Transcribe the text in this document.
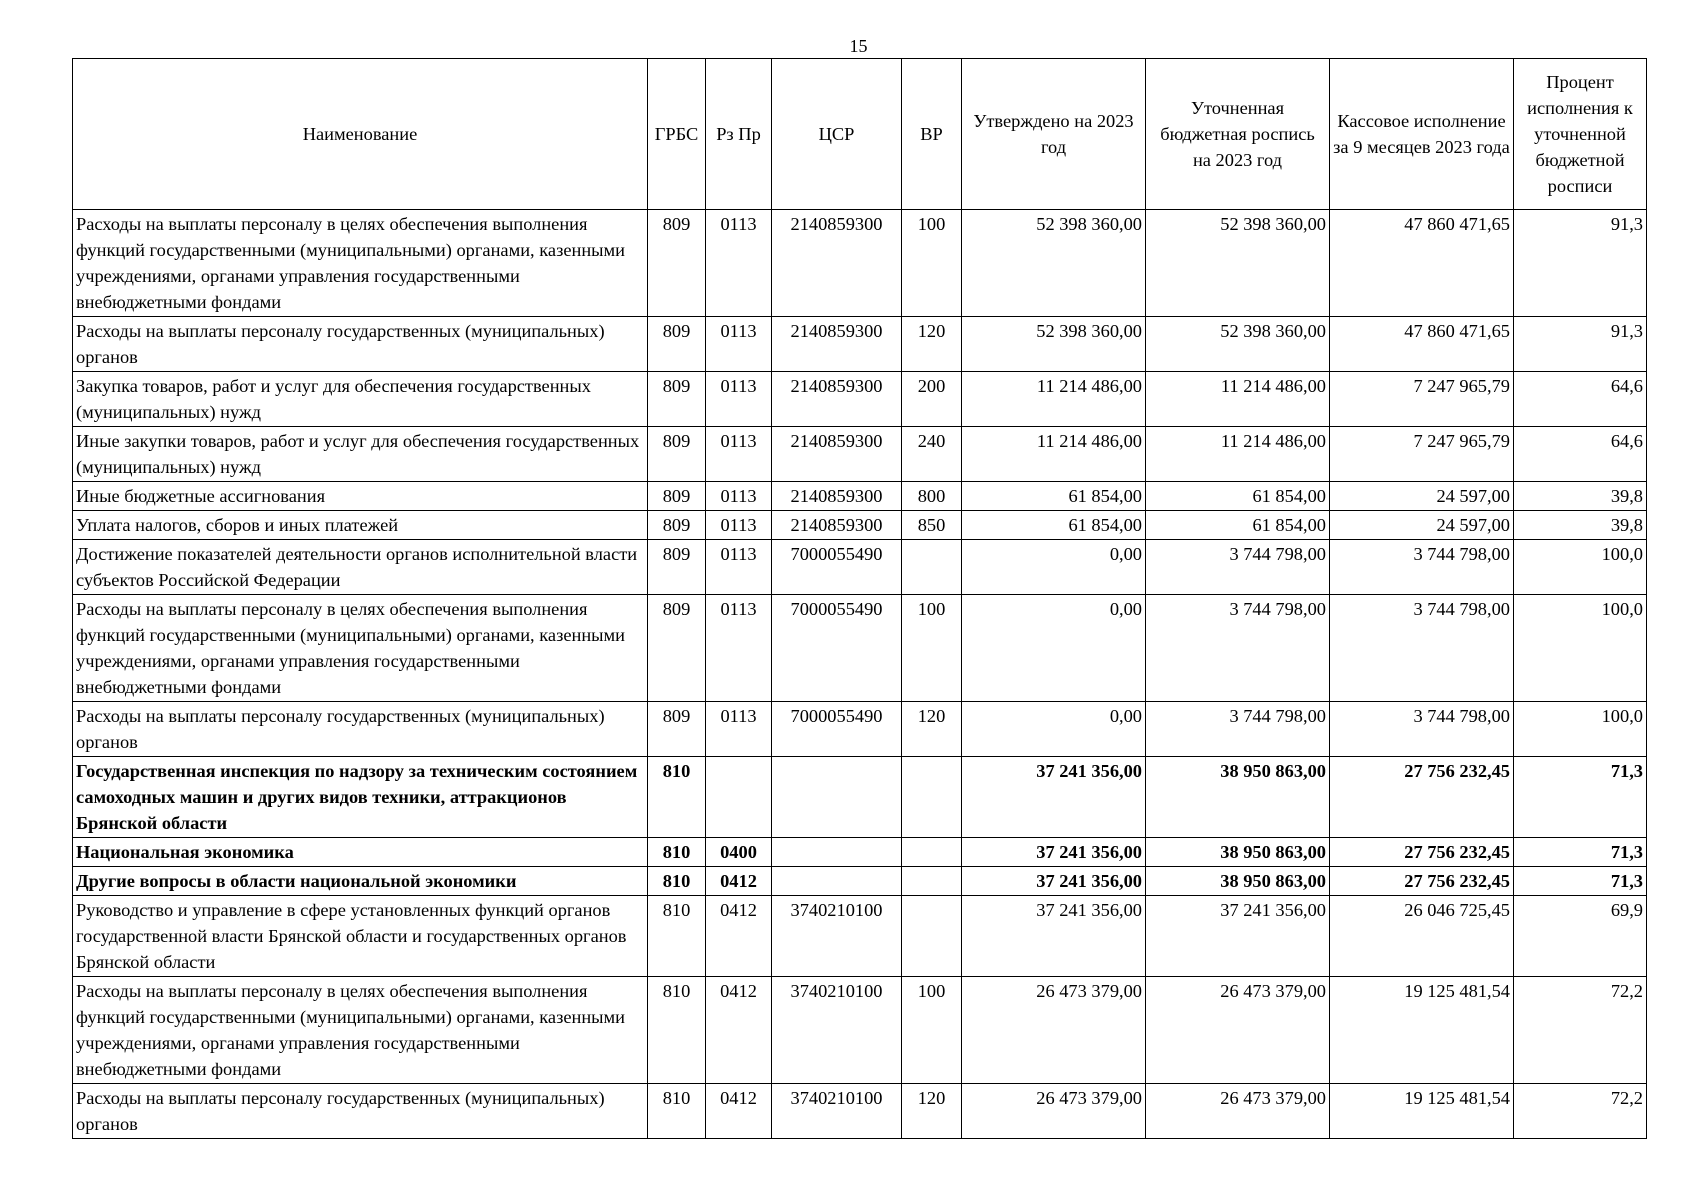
15
Наименование	ГРБС	Рз Пр	ЦСР	ВР	Утверждено на 2023 год	Уточненная бюджетная роспись на 2023 год	Кассовое исполнение за 9 месяцев 2023 года	Процент исполнения к уточненной бюджетной росписи
Расходы на выплаты персоналу в целях обеспечения выполнения функций государственными (муниципальными) органами, казенными учреждениями, органами управления государственными внебюджетными фондами	809	0113	2140859300	100	52 398 360,00	52 398 360,00	47 860 471,65	91,3
Расходы на выплаты персоналу государственных (муниципальных) органов	809	0113	2140859300	120	52 398 360,00	52 398 360,00	47 860 471,65	91,3
Закупка товаров, работ и услуг для обеспечения государственных (муниципальных) нужд	809	0113	2140859300	200	11 214 486,00	11 214 486,00	7 247 965,79	64,6
Иные закупки товаров, работ и услуг для обеспечения государственных (муниципальных) нужд	809	0113	2140859300	240	11 214 486,00	11 214 486,00	7 247 965,79	64,6
Иные бюджетные ассигнования	809	0113	2140859300	800	61 854,00	61 854,00	24 597,00	39,8
Уплата налогов, сборов и иных платежей	809	0113	2140859300	850	61 854,00	61 854,00	24 597,00	39,8
Достижение показателей деятельности органов исполнительной власти субъектов Российской Федерации	809	0113	7000055490		0,00	3 744 798,00	3 744 798,00	100,0
Расходы на выплаты персоналу в целях обеспечения выполнения функций государственными (муниципальными) органами, казенными учреждениями, органами управления государственными внебюджетными фондами	809	0113	7000055490	100	0,00	3 744 798,00	3 744 798,00	100,0
Расходы на выплаты персоналу государственных (муниципальных) органов	809	0113	7000055490	120	0,00	3 744 798,00	3 744 798,00	100,0
Государственная инспекция по надзору за техническим состоянием самоходных машин и других видов техники, аттракционов Брянской области	810				37 241 356,00	38 950 863,00	27 756 232,45	71,3
Национальная экономика	810	0400			37 241 356,00	38 950 863,00	27 756 232,45	71,3
Другие вопросы в области национальной экономики	810	0412			37 241 356,00	38 950 863,00	27 756 232,45	71,3
Руководство и управление в сфере установленных функций органов государственной власти Брянской области и государственных органов Брянской области	810	0412	3740210100		37 241 356,00	37 241 356,00	26 046 725,45	69,9
Расходы на выплаты персоналу в целях обеспечения выполнения функций государственными (муниципальными) органами, казенными учреждениями, органами управления государственными внебюджетными фондами	810	0412	3740210100	100	26 473 379,00	26 473 379,00	19 125 481,54	72,2
Расходы на выплаты персоналу государственных (муниципальных) органов	810	0412	3740210100	120	26 473 379,00	26 473 379,00	19 125 481,54	72,2
